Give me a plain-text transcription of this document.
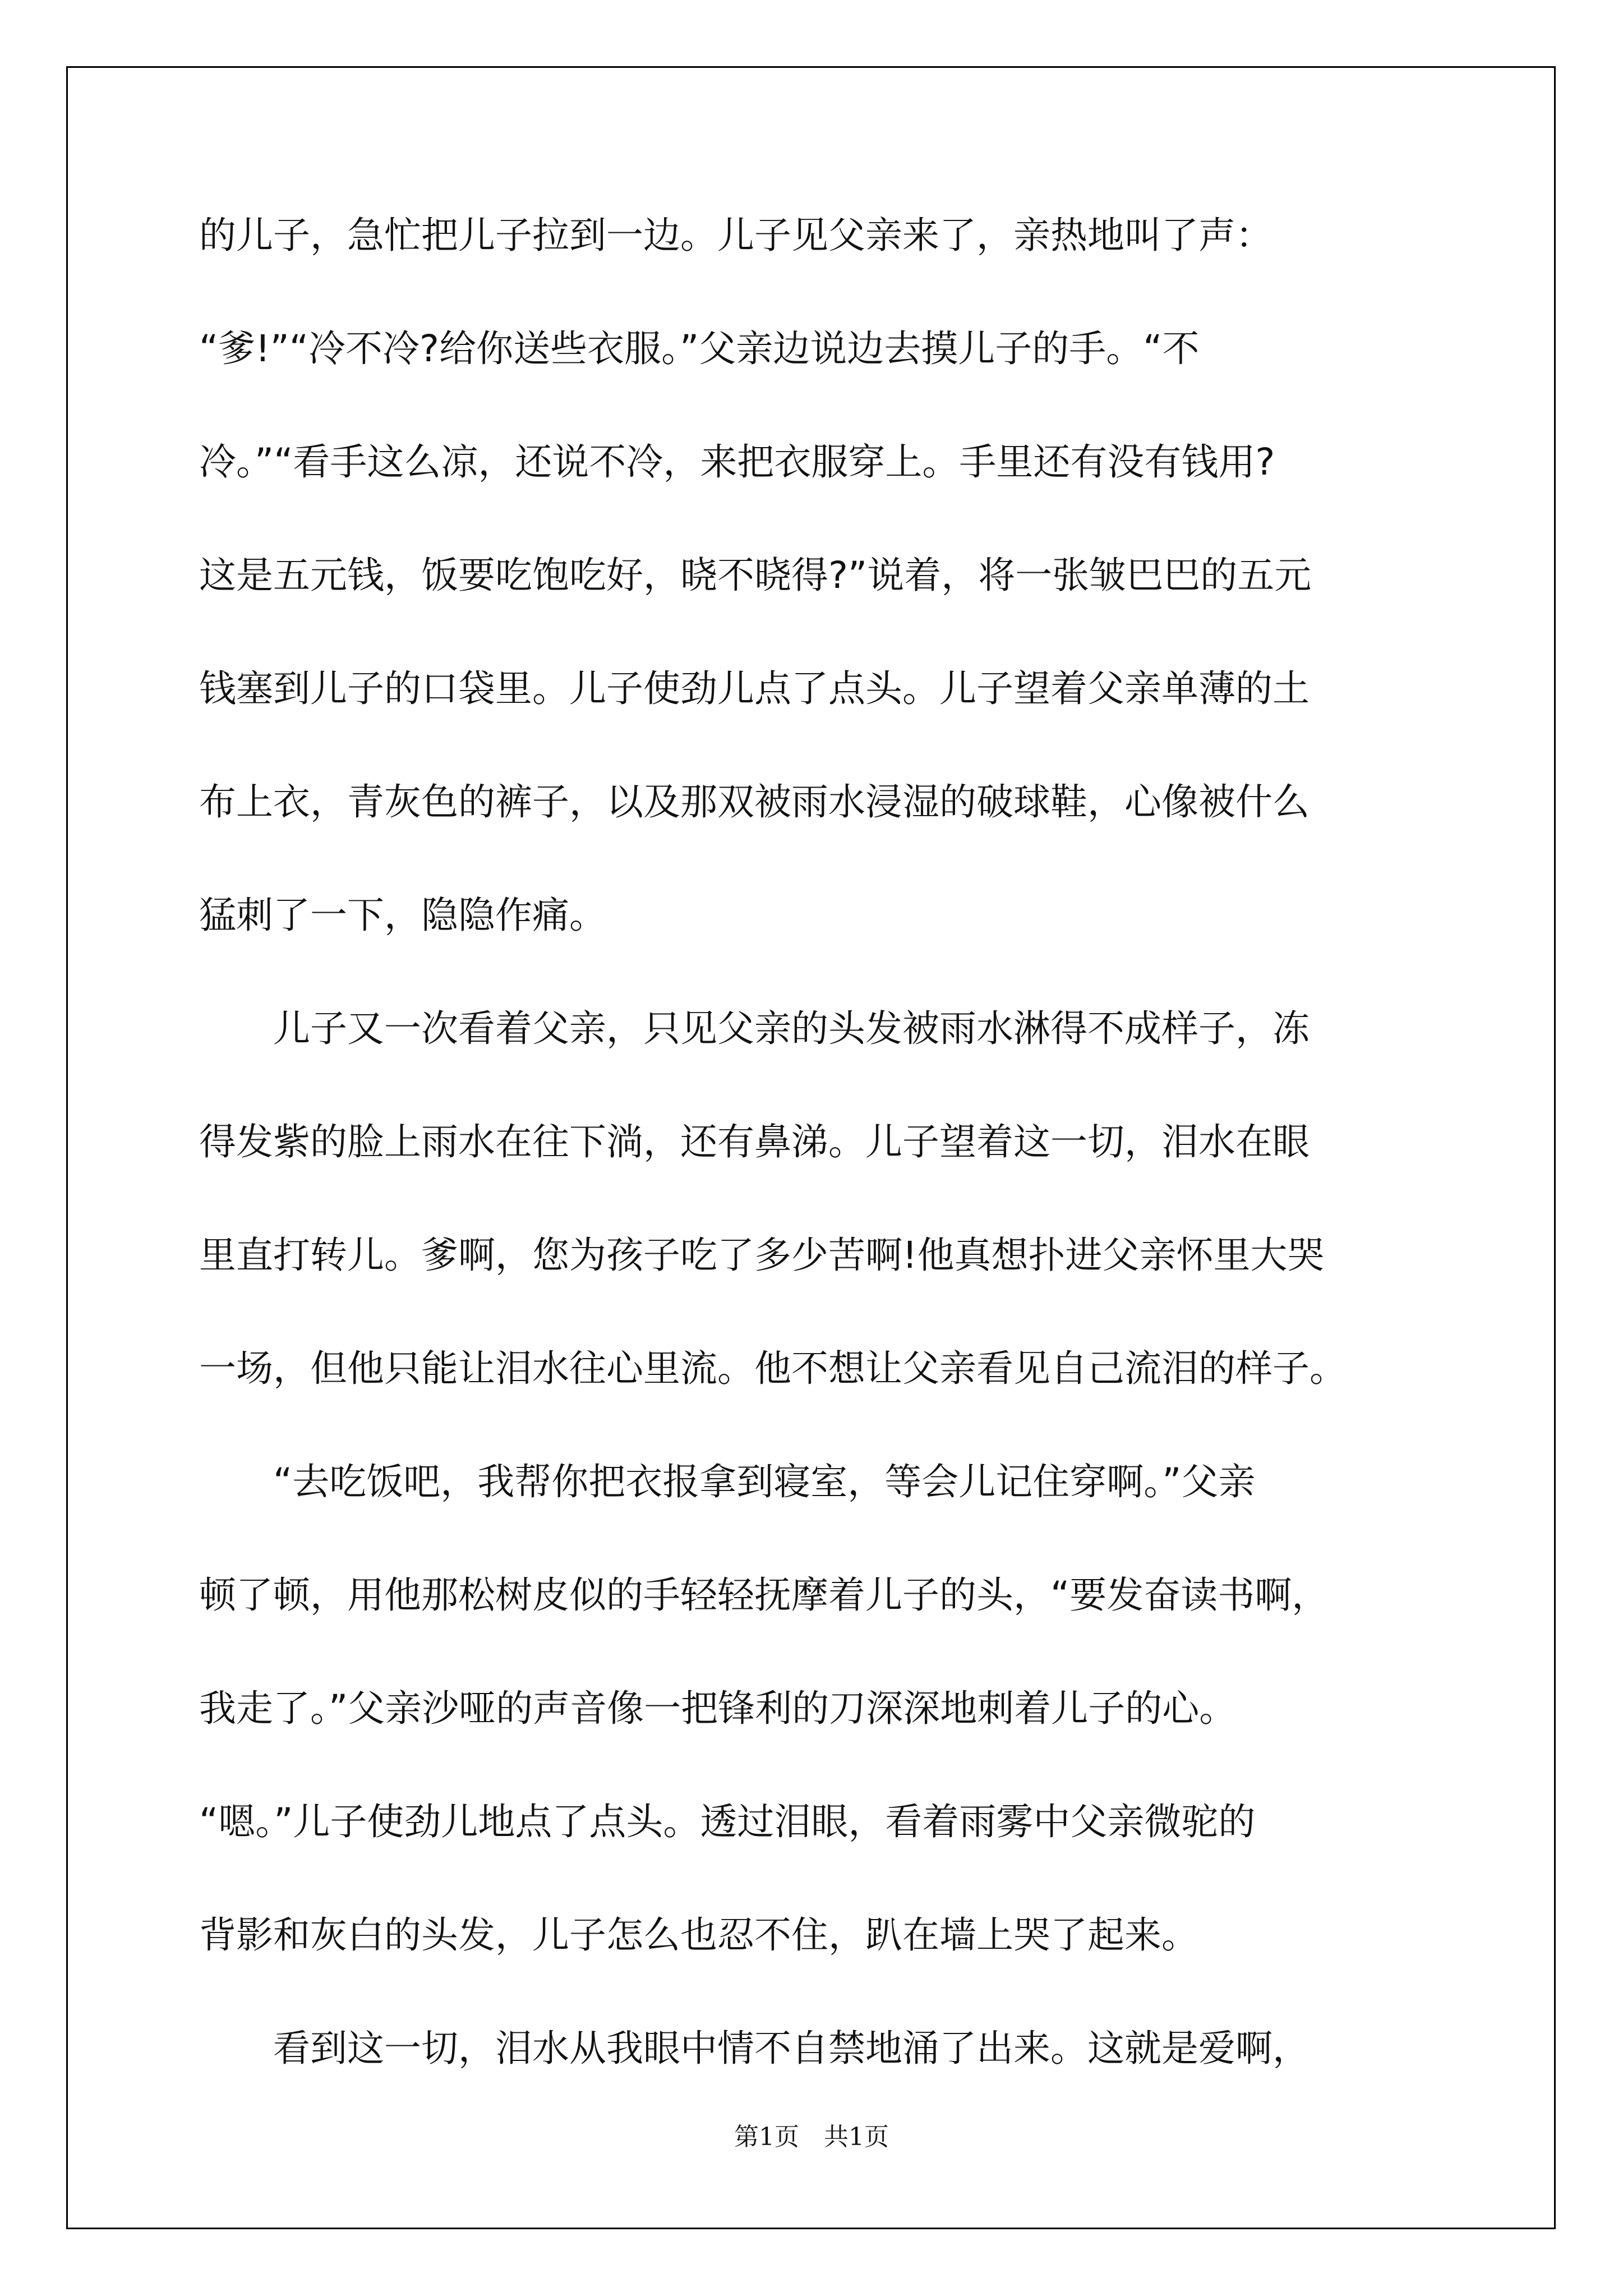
的儿子，急忙把儿子拉到一边。儿子见父亲来了，亲热地叫了声：
“爹!”“冷不冷?给你送些衣服。”父亲边说边去摸儿子的手。“不
冷。”“看手这么凉，还说不冷，来把衣服穿上。手里还有没有钱用?
这是五元钱，饭要吃饱吃好，晓不晓得?”说着，将一张皱巴巴的五元
钱塞到儿子的口袋里。儿子使劲儿点了点头。儿子望着父亲单薄的土
布上衣，青灰色的裤子，以及那双被雨水浸湿的破球鞋，心像被什么
猛刺了一下，隐隐作痛。
儿子又一次看着父亲，只见父亲的头发被雨水淋得不成样子，冻
得发紫的脸上雨水在往下淌，还有鼻涕。儿子望着这一切，泪水在眼
里直打转儿。爹啊，您为孩子吃了多少苦啊!他真想扑进父亲怀里大哭
一场，但他只能让泪水往心里流。他不想让父亲看见自己流泪的样子。
“去吃饭吧，我帮你把衣报拿到寝室，等会儿记住穿啊。”父亲
顿了顿，用他那松树皮似的手轻轻抚摩着儿子的头，“要发奋读书啊，
我走了。”父亲沙哑的声音像一把锋利的刀深深地刺着儿子的心。
“嗯。”儿子使劲儿地点了点头。透过泪眼，看着雨雾中父亲微驼的
背影和灰白的头发，儿子怎么也忍不住，趴在墙上哭了起来。
看到这一切，泪水从我眼中情不自禁地涌了出来。这就是爱啊，
第1页　共1页
